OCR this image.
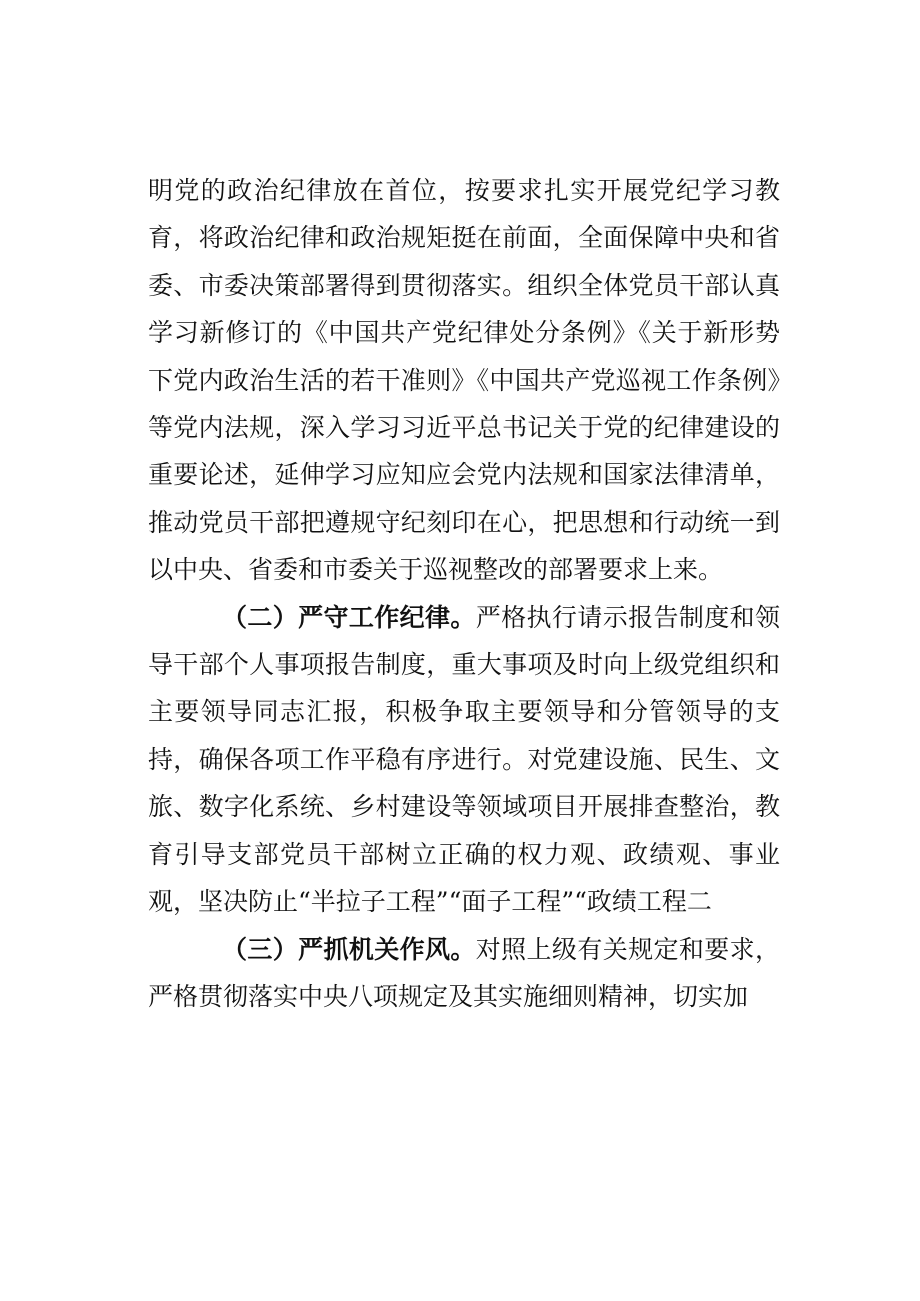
明党的政治纪律放在首位，按要求扎实开展党纪学习教育，将政治纪律和政治规矩挺在前面，全面保障中央和省委、市委决策部署得到贯彻落实。组织全体党员干部认真学习新修订的《中国共产党纪律处分条例》《关于新形势下党内政治生活的若干准则》《中国共产党巡视工作条例》等党内法规，深入学习习近平总书记关于党的纪律建设的重要论述，延伸学习应知应会党内法规和国家法律清单，推动党员干部把遵规守纪刻印在心，把思想和行动统一到以中央、省委和市委关于巡视整改的部署要求上来。

（二）严守工作纪律。严格执行请示报告制度和领导干部个人事项报告制度，重大事项及时向上级党组织和主要领导同志汇报，积极争取主要领导和分管领导的支持，确保各项工作平稳有序进行。对党建设施、民生、文旅、数字化系统、乡村建设等领域项目开展排查整治，教育引导支部党员干部树立正确的权力观、政绩观、事业观，坚决防止“半拉子工程”“面子工程”“政绩工程二

（三）严抓机关作风。对照上级有关规定和要求，严格贯彻落实中央八项规定及其实施细则精神，切实加
